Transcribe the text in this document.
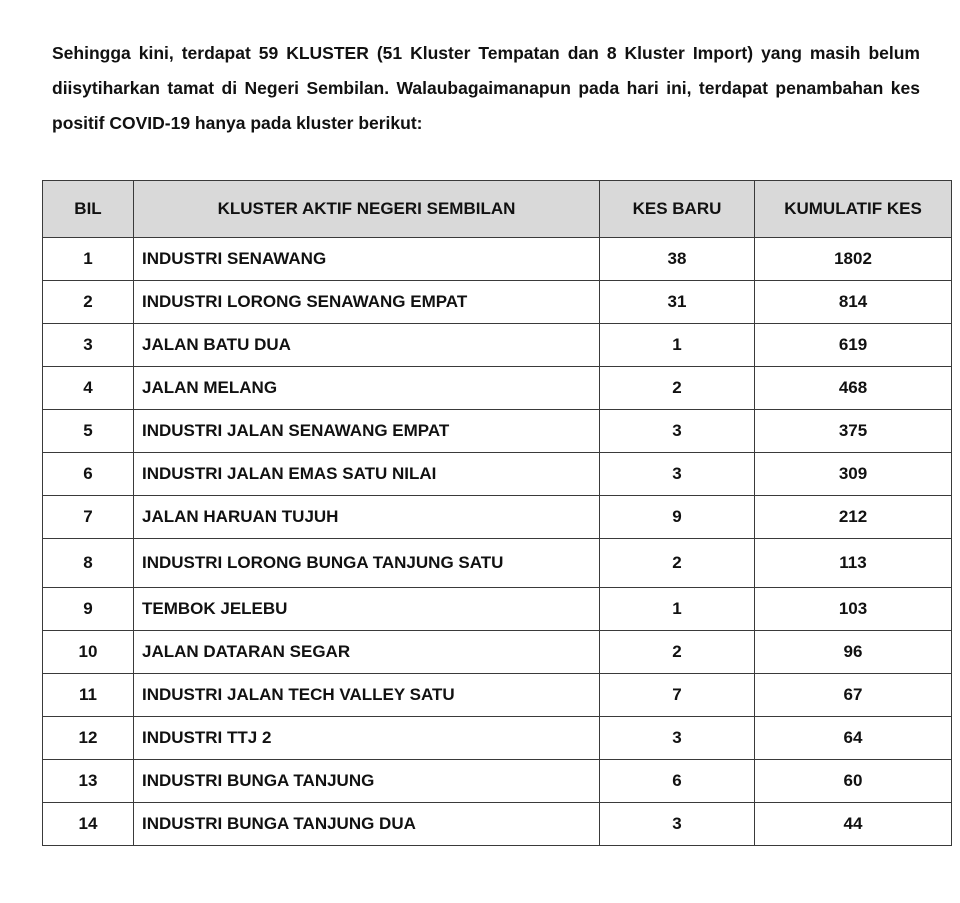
Sehingga kini, terdapat 59 KLUSTER (51 Kluster Tempatan dan 8 Kluster Import) yang masih belum diisytiharkan tamat di Negeri Sembilan. Walaubagaimanapun pada hari ini, terdapat penambahan kes positif COVID-19 hanya pada kluster berikut:

BIL	KLUSTER AKTIF NEGERI SEMBILAN	KES BARU	KUMULATIF KES
1	INDUSTRI SENAWANG	38	1802
2	INDUSTRI LORONG SENAWANG EMPAT	31	814
3	JALAN BATU DUA	1	619
4	JALAN MELANG	2	468
5	INDUSTRI JALAN SENAWANG EMPAT	3	375
6	INDUSTRI JALAN EMAS SATU NILAI	3	309
7	JALAN HARUAN TUJUH	9	212
8	INDUSTRI LORONG BUNGA TANJUNG SATU	2	113
9	TEMBOK JELEBU	1	103
10	JALAN DATARAN SEGAR	2	96
11	INDUSTRI JALAN TECH VALLEY SATU	7	67
12	INDUSTRI TTJ 2	3	64
13	INDUSTRI BUNGA TANJUNG	6	60
14	INDUSTRI BUNGA TANJUNG DUA	3	44
